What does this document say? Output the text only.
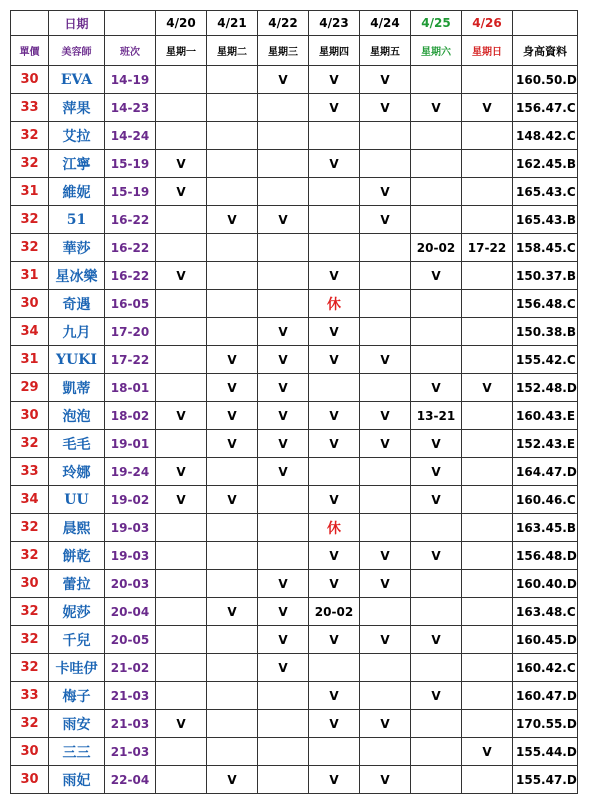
	日期		4/20	4/21	4/22	4/23	4/24	4/25	4/26	
單價	美容師	班次	星期一	星期二	星期三	星期四	星期五	星期六	星期日	身高資料
30	EVA	14-19			V	V	V			160.50.D
33	萍果	14-23				V	V	V	V	156.47.C
32	艾拉	14-24								148.42.C
32	江寧	15-19	V			V				162.45.B
31	維妮	15-19	V				V			165.43.C
32	51	16-22		V	V		V			165.43.B
32	華莎	16-22						20-02	17-22	158.45.C
31	星冰樂	16-22	V			V		V		150.37.B
30	奇遇	16-05				休				156.48.C
34	九月	17-20			V	V				150.38.B
31	YUKI	17-22		V	V	V	V			155.42.C
29	凱蒂	18-01		V	V			V	V	152.48.D
30	泡泡	18-02	V	V	V	V	V	13-21		160.43.E
32	毛毛	19-01		V	V	V	V	V		152.43.E
33	玲娜	19-24	V		V			V		164.47.D
34	UU	19-02	V	V		V		V		160.46.C
32	晨熙	19-03				休				163.45.B
32	餅乾	19-03				V	V	V		156.48.D
30	蕾拉	20-03			V	V	V			160.40.D
32	妮莎	20-04		V	V	20-02				163.48.C
32	千兒	20-05			V	V	V	V		160.45.D
32	卡哇伊	21-02			V					160.42.C
33	梅子	21-03				V		V		160.47.D
32	雨安	21-03	V			V	V			170.55.D
30	三三	21-03							V	155.44.D
30	雨妃	22-04		V		V	V			155.47.D
